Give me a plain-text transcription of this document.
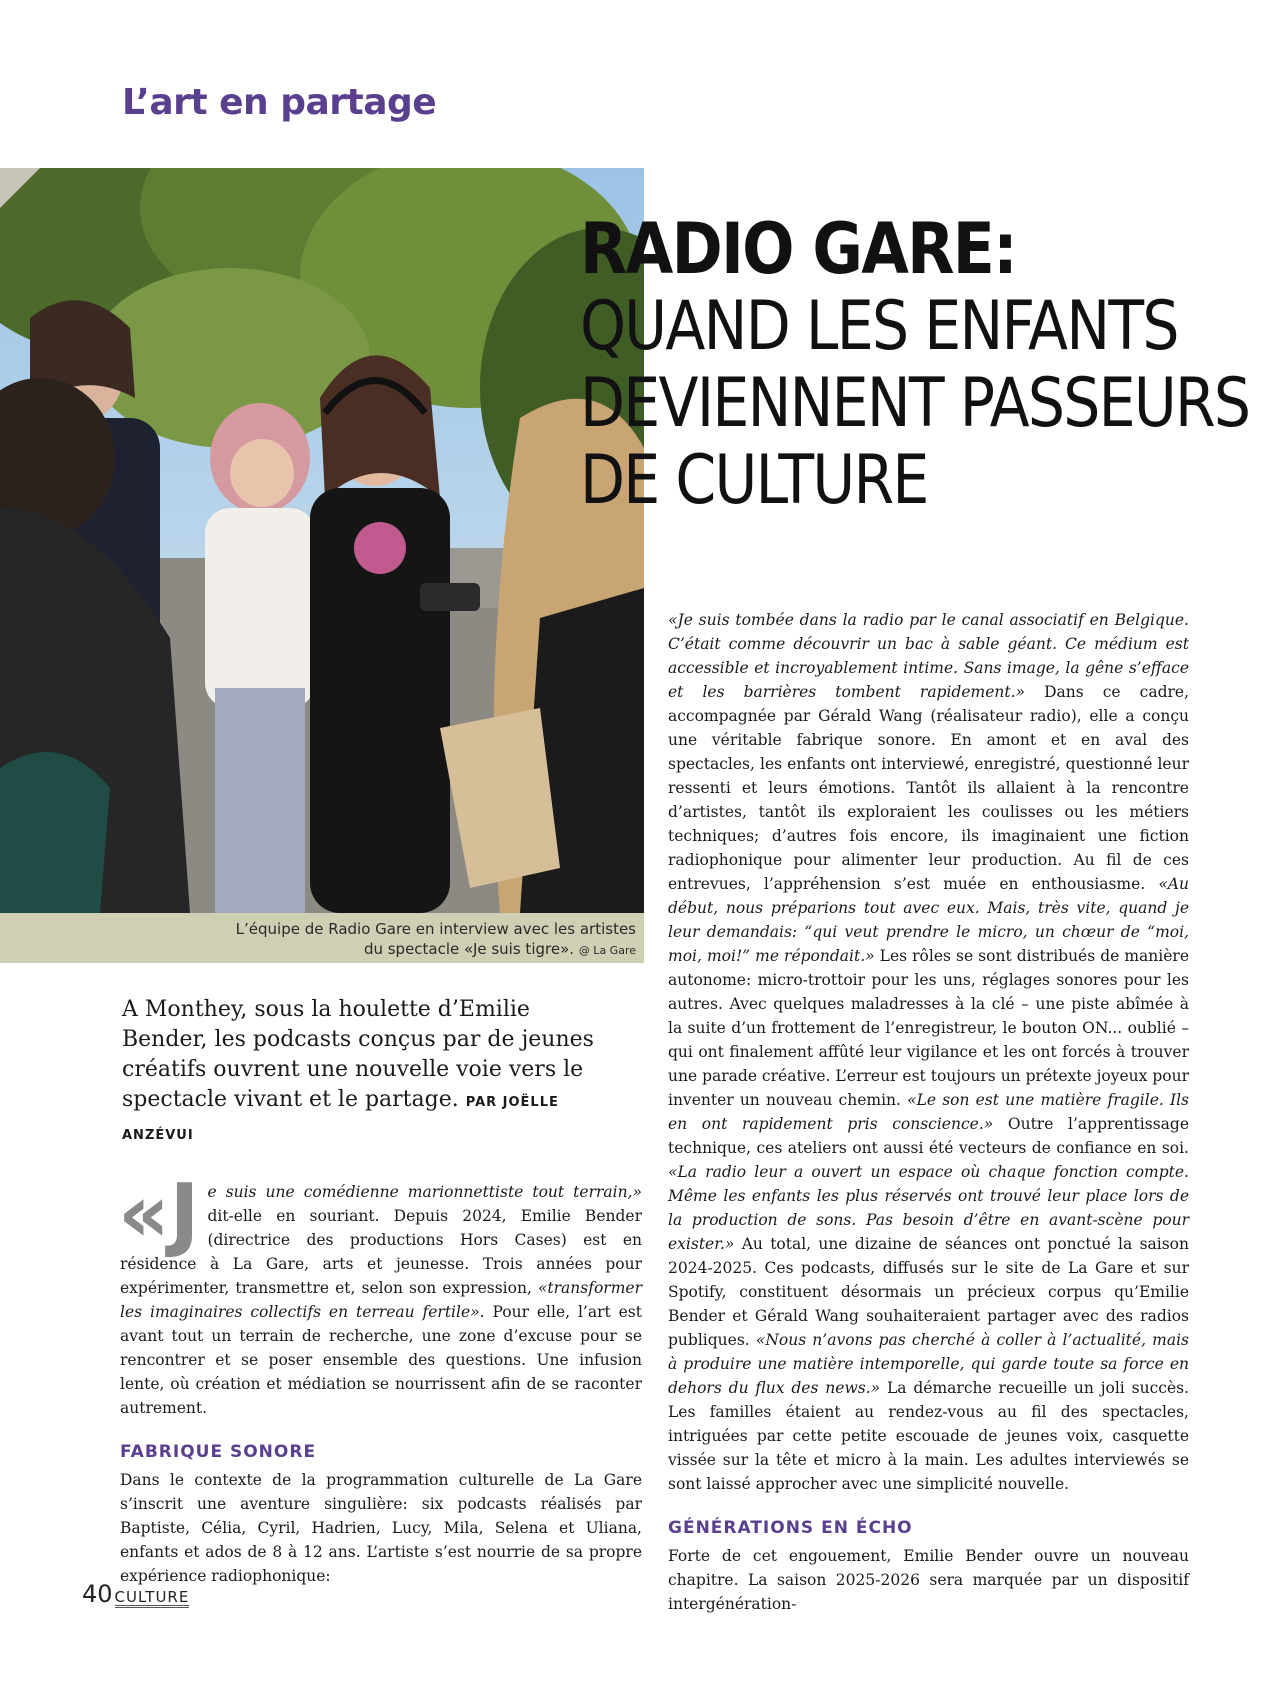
L’art en partage
L’équipe de Radio Gare en interview avec les artistes
du spectacle «Je suis tigre». @ La Gare
RADIO GARE:
QUAND LES ENFANTS
DEVIENNENT PASSEURS
DE CULTURE
A Monthey, sous la houlette d’Emilie Bender, les podcasts conçus par de jeunes créatifs ouvrent une nouvelle voie vers le spectacle vivant et le partage. PAR JOËLLE ANZÉVUI

«Je suis une comédienne marionnettiste tout terrain,» dit-elle en souriant. Depuis 2024, Emilie Bender (directrice des productions Hors Cases) est en résidence à La Gare, arts et jeunesse. Trois années pour expérimenter, transmettre et, selon son expression, «transformer les imaginaires collectifs en terreau fertile». Pour elle, l’art est avant tout un terrain de recherche, une zone d’excuse pour se rencontrer et se poser ensemble des questions. Une infusion lente, où création et médiation se nourrissent afin de se raconter autrement.

FABRIQUE SONORE

Dans le contexte de la programmation culturelle de La Gare s’inscrit une aventure singulière: six podcasts réalisés par Baptiste, Célia, Cyril, Hadrien, Lucy, Mila, Selena et Uliana, enfants et ados de 8 à 12 ans. L’artiste s’est nourrie de sa propre expérience radiophonique:

«Je suis tombée dans la radio par le canal associatif en Belgique. C’était comme découvrir un bac à sable géant. Ce médium est accessible et incroyablement intime. Sans image, la gêne s’efface et les barrières tombent rapidement.» Dans ce cadre, accompagnée par Gérald Wang (réalisateur radio), elle a conçu une véritable fabrique sonore. En amont et en aval des spectacles, les enfants ont interviewé, enregistré, questionné leur ressenti et leurs émotions. Tantôt ils allaient à la rencontre d’artistes, tantôt ils exploraient les coulisses ou les métiers techniques; d’autres fois encore, ils imaginaient une fiction radiophonique pour alimenter leur production. Au fil de ces entrevues, l’appréhension s’est muée en enthousiasme. «Au début, nous préparions tout avec eux. Mais, très vite, quand je leur demandais: “qui veut prendre le micro, un chœur de “moi, moi, moi!” me répondait.» Les rôles se sont distribués de manière autonome: micro-trottoir pour les uns, réglages sonores pour les autres. Avec quelques maladresses à la clé – une piste abîmée à la suite d’un frottement de l’enregistreur, le bouton ON... oublié – qui ont finalement affûté leur vigilance et les ont forcés à trouver une parade créative. L’erreur est toujours un prétexte joyeux pour inventer un nouveau chemin. «Le son est une matière fragile. Ils en ont rapidement pris conscience.» Outre l’apprentissage technique, ces ateliers ont aussi été vecteurs de confiance en soi. «La radio leur a ouvert un espace où chaque fonction compte. Même les enfants les plus réservés ont trouvé leur place lors de la production de sons. Pas besoin d’être en avant-scène pour exister.» Au total, une dizaine de séances ont ponctué la saison 2024-2025. Ces podcasts, diffusés sur le site de La Gare et sur Spotify, constituent désormais un précieux corpus qu’Emilie Bender et Gérald Wang souhaiteraient partager avec des radios publiques. «Nous n’avons pas cherché à coller à l’actualité, mais à produire une matière intemporelle, qui garde toute sa force en dehors du flux des news.» La démarche recueille un joli succès. Les familles étaient au rendez-vous au fil des spectacles, intriguées par cette petite escouade de jeunes voix, casquette vissée sur la tête et micro à la main. Les adultes interviewés se sont laissé approcher avec une simplicité nouvelle.

GÉNÉRATIONS EN ÉCHO

Forte de cet engouement, Emilie Bender ouvre un nouveau chapitre. La saison 2025-2026 sera marquée par un dispositif intergénération-

40 CULTURE
